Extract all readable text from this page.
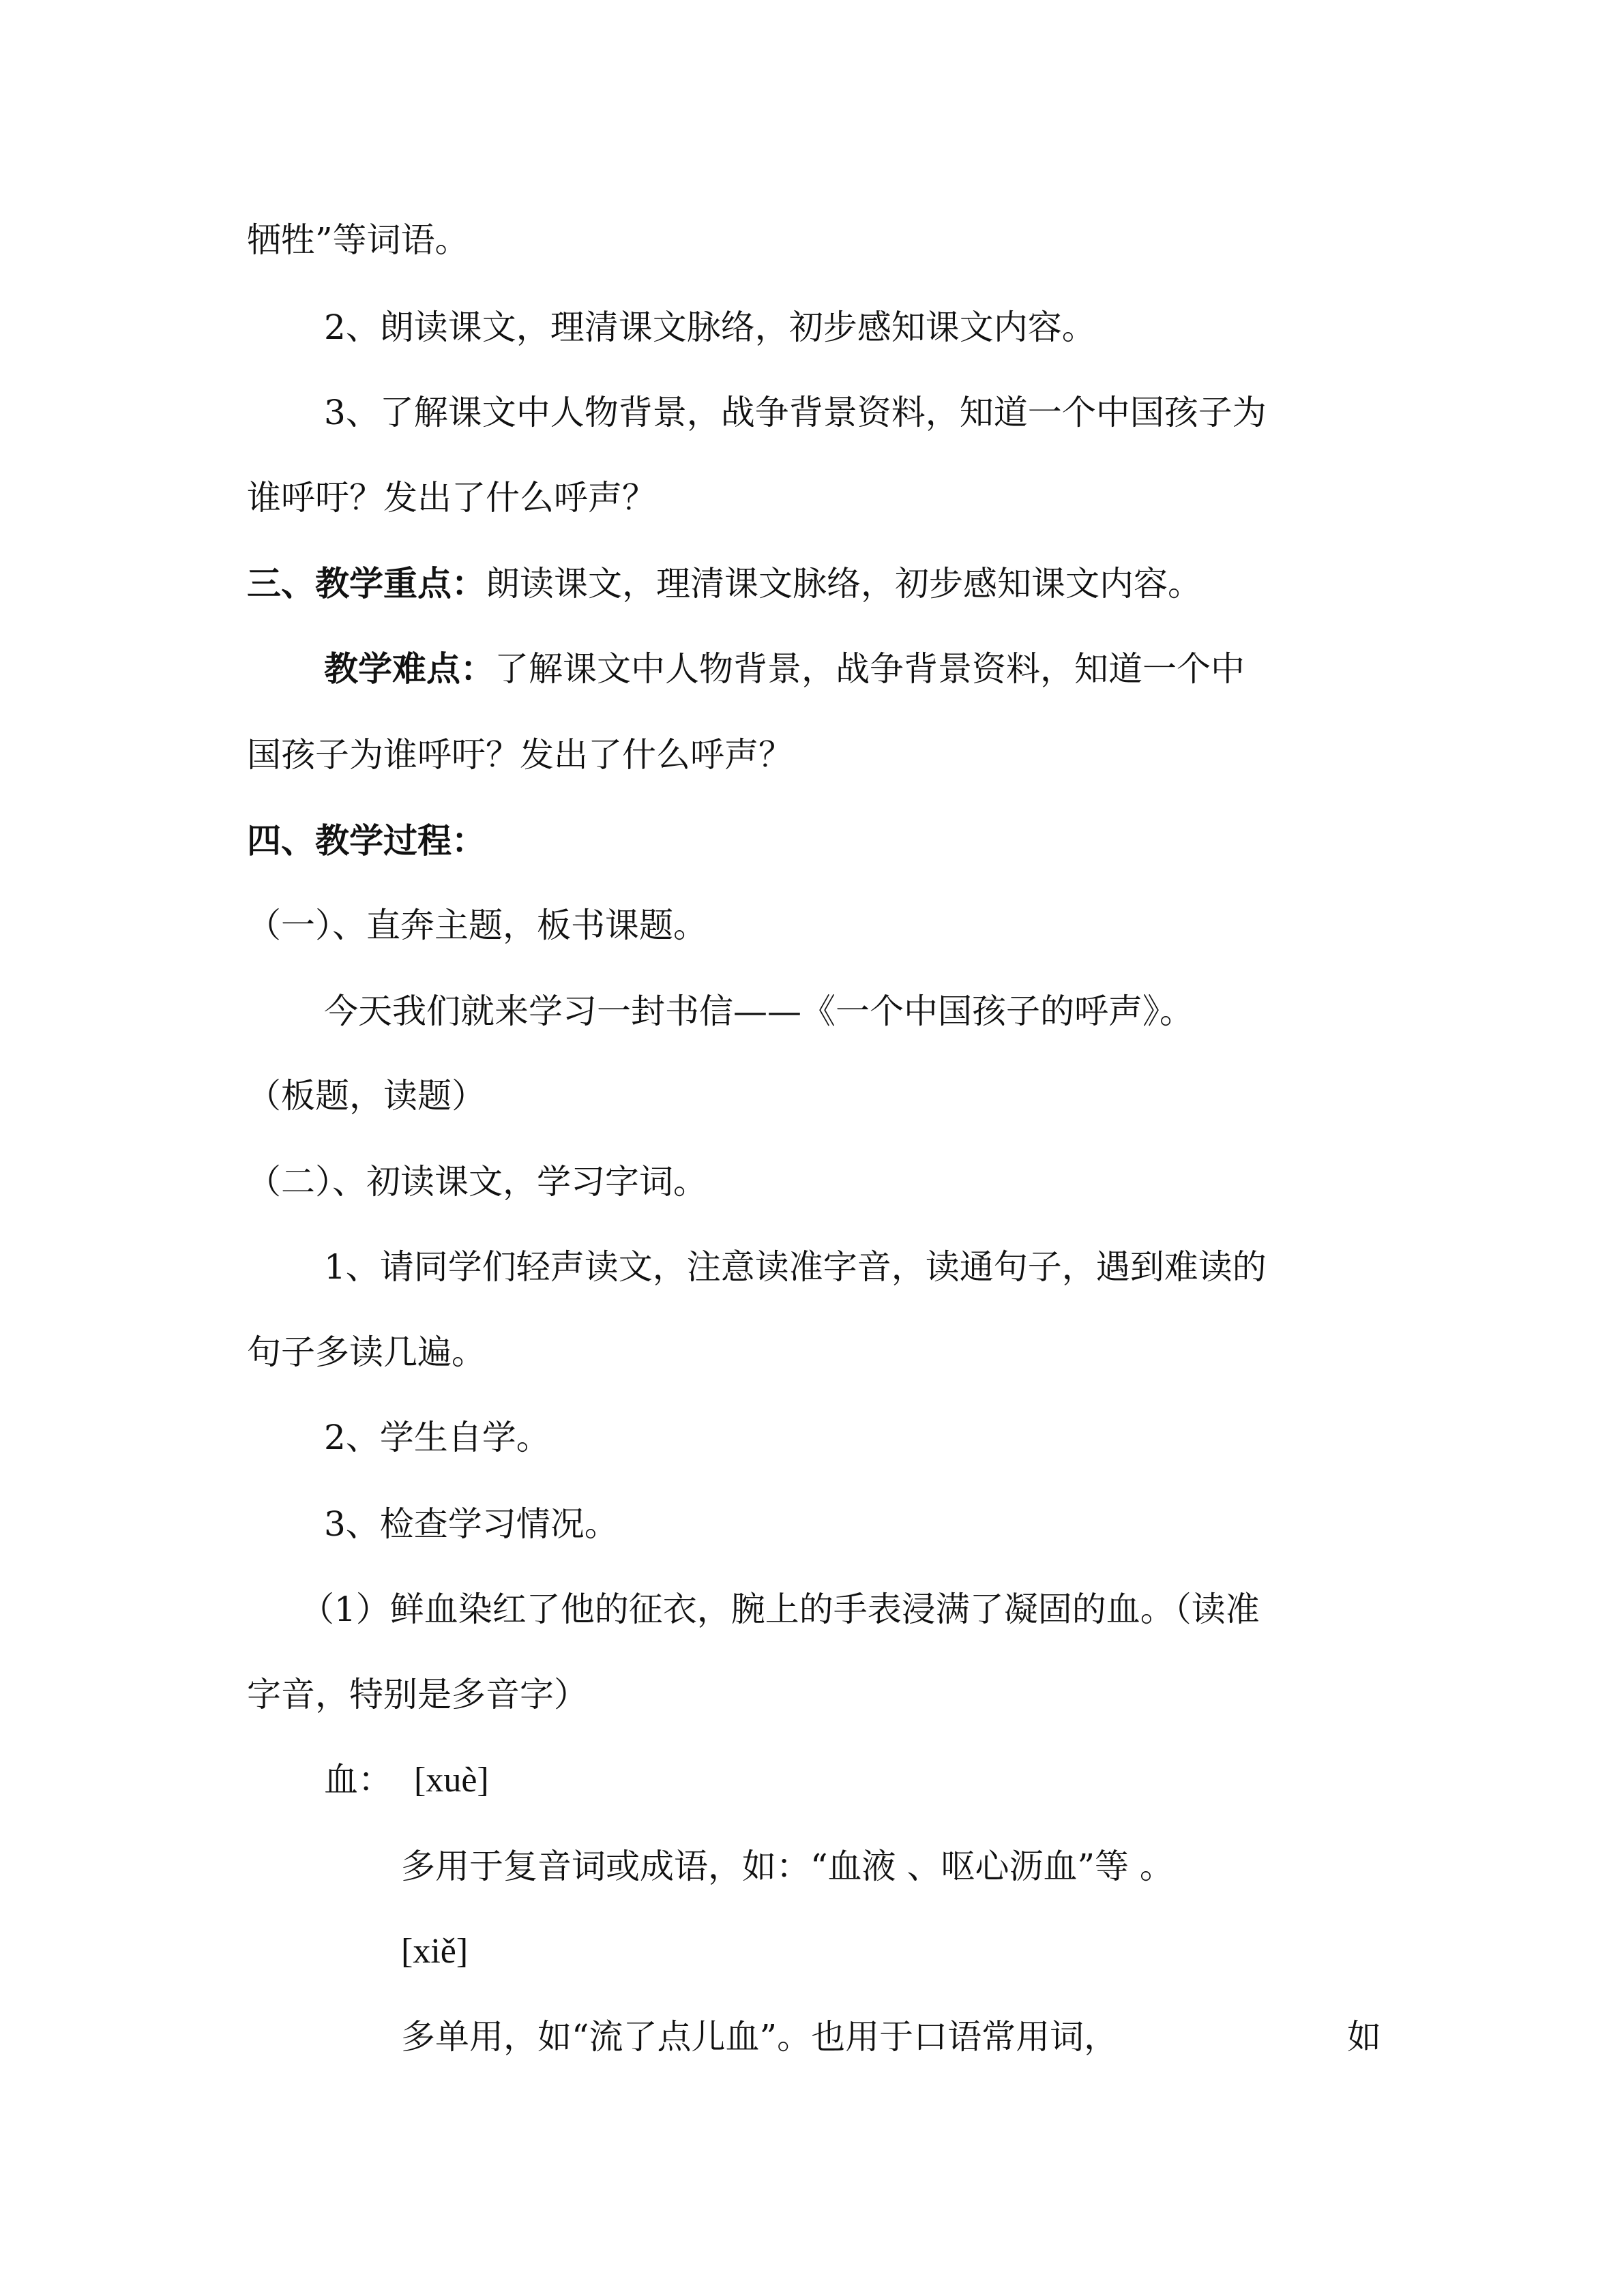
牺牲”等词语。
2、朗读课文，理清课文脉络，初步感知课文内容。
3、了解课文中人物背景，战争背景资料，知道一个中国孩子为
谁呼吁？发出了什么呼声？
三、教学重点：朗读课文，理清课文脉络，初步感知课文内容。
教学难点：了解课文中人物背景，战争背景资料，知道一个中
国孩子为谁呼吁？发出了什么呼声？
四、教学过程：
（一）、直奔主题，板书课题。
今天我们就来学习一封书信——《一个中国孩子的呼声》。
（板题，读题）
（二）、初读课文，学习字词。
1、请同学们轻声读文，注意读准字音，读通句子，遇到难读的
句子多读几遍。
2、学生自学。
3、检查学习情况。
（1）鲜血染红了他的征衣，腕上的手表浸满了凝固的血。（读准
字音，特别是多音字）
血： [xuè]
多用于复音词或成语，如：“血液 、呕心沥血”等 。
[xiě]
多单用，如“流了点儿血”。也用于口语常用词，	如
